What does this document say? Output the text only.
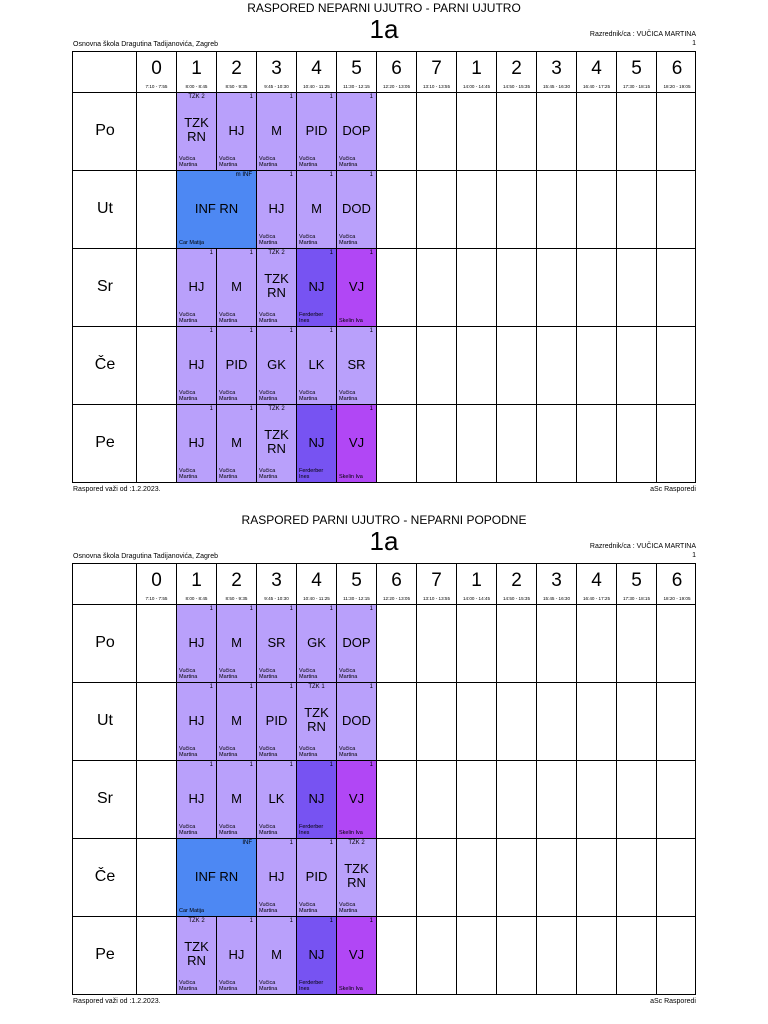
RASPORED NEPARNI UJUTRO - PARNI UJUTRO
1a
Osnovna škola Dragutina Tadijanovića, Zagreb
Razrednik/ca : VUČICA MARTINA
1
0
7:10 - 7:55
1
8:00 - 8:45
2
8:50 - 9:35
3
9:45 - 10:30
4
10:40 - 11:25
5
11:30 - 12:15
6
12:20 - 13:05
7
13:10 - 13:55
1
14:00 - 14:45
2
14:50 - 15:35
3
15:45 - 16:30
4
16:40 - 17:25
5
17:30 - 18:15
6
18:20 - 19:05
Po
Ut
Sr
Če
Pe
TZK RN
TZK 2
Vučica Martina
HJ
1
Vučica Martina
M
1
Vučica Martina
PID
1
Vučica Martina
DOP
1
Vučica Martina
INF RN
m INF
Car Matija
HJ
1
Vučica Martina
M
1
Vučica Martina
DOD
1
Vučica Martina
HJ
1
Vučica Martina
M
1
Vučica Martina
TZK RN
TZK 2
Vučica Martina
NJ
1
Ferderber Ines
VJ
1
Skelin Iva
HJ
1
Vučica Martina
PID
1
Vučica Martina
GK
1
Vučica Martina
LK
1
Vučica Martina
SR
1
Vučica Martina
HJ
1
Vučica Martina
M
1
Vučica Martina
TZK RN
TZK 2
Vučica Martina
NJ
1
Ferderber Ines
VJ
1
Skelin Iva
Raspored važi od :1.2.2023.	aSc Rasporedi
RASPORED PARNI UJUTRO - NEPARNI POPODNE
1a
Osnovna škola Dragutina Tadijanovića, Zagreb
Razrednik/ca : VUČICA MARTINA
1
0
7:10 - 7:55
1
8:00 - 8:45
2
8:50 - 9:35
3
9:45 - 10:30
4
10:40 - 11:25
5
11:30 - 12:15
6
12:20 - 13:05
7
13:10 - 13:55
1
14:00 - 14:45
2
14:50 - 15:35
3
15:45 - 16:30
4
16:40 - 17:25
5
17:30 - 18:15
6
18:20 - 19:05
Po
Ut
Sr
Če
Pe
HJ
1
Vučica Martina
M
1
Vučica Martina
SR
1
Vučica Martina
GK
1
Vučica Martina
DOP
1
Vučica Martina
HJ
1
Vučica Martina
M
1
Vučica Martina
PID
1
Vučica Martina
TZK RN
TZK 1
Vučica Martina
DOD
1
Vučica Martina
HJ
1
Vučica Martina
M
1
Vučica Martina
LK
1
Vučica Martina
NJ
1
Ferderber Ines
VJ
1
Skelin Iva
INF RN
INF
Car Matija
HJ
1
Vučica Martina
PID
1
Vučica Martina
TZK RN
TZK 2
Vučica Martina
TZK RN
TZK 2
Vučica Martina
HJ
1
Vučica Martina
M
1
Vučica Martina
NJ
1
Ferderber Ines
VJ
1
Skelin Iva
Raspored važi od :1.2.2023.	aSc Rasporedi
